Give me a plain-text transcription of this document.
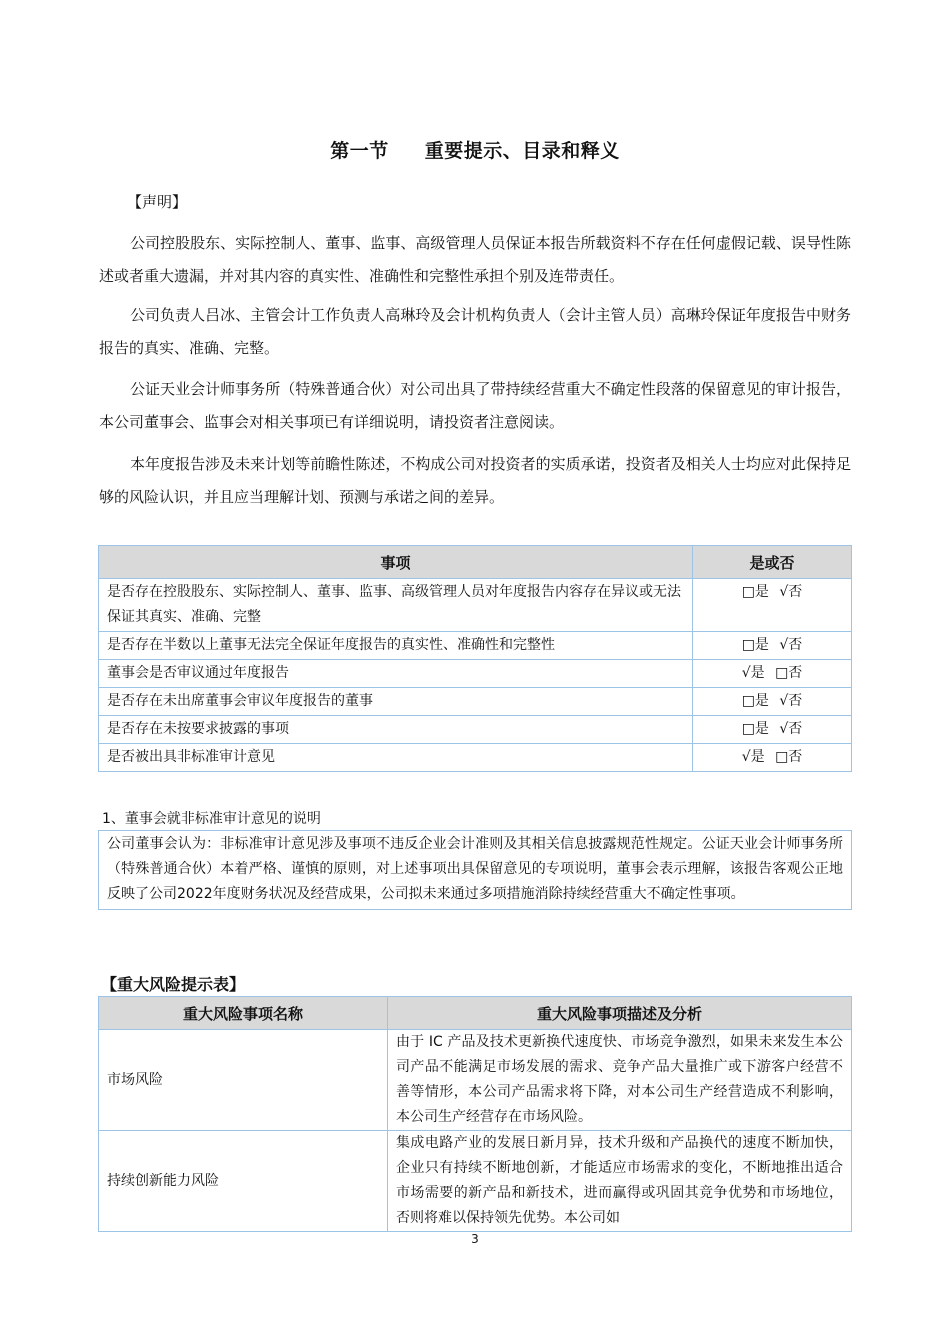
第一节 重要提示、目录和释义
【声明】
公司控股股东、实际控制人、董事、监事、高级管理人员保证本报告所载资料不存在任何虚假记载、误导性陈述或者重大遗漏，并对其内容的真实性、准确性和完整性承担个别及连带责任。
公司负责人吕冰、主管会计工作负责人高琳玲及会计机构负责人（会计主管人员）高琳玲保证年度报告中财务报告的真实、准确、完整。
公证天业会计师事务所（特殊普通合伙）对公司出具了带持续经营重大不确定性段落的保留意见的审计报告，本公司董事会、监事会对相关事项已有详细说明，请投资者注意阅读。
本年度报告涉及未来计划等前瞻性陈述，不构成公司对投资者的实质承诺，投资者及相关人士均应对此保持足够的风险认识，并且应当理解计划、预测与承诺之间的差异。
事项	是或否
是否存在控股股东、实际控制人、董事、监事、高级管理人员对年度报告内容存在异议或无法保证其真实、准确、完整	□是 √否
是否存在半数以上董事无法完全保证年度报告的真实性、准确性和完整性	□是 √否
董事会是否审议通过年度报告	√是 □否
是否存在未出席董事会审议年度报告的董事	□是 √否
是否存在未按要求披露的事项	□是 √否
是否被出具非标准审计意见	√是 □否
1、董事会就非标准审计意见的说明
公司董事会认为：非标准审计意见涉及事项不违反企业会计准则及其相关信息披露规范性规定。公证天业会计师事务所（特殊普通合伙）本着严格、谨慎的原则，对上述事项出具保留意见的专项说明，董事会表示理解，该报告客观公正地反映了公司2022年度财务状况及经营成果，公司拟未来通过多项措施消除持续经营重大不确定性事项。
【重大风险提示表】
重大风险事项名称	重大风险事项描述及分析
市场风险	由于 IC 产品及技术更新换代速度快、市场竞争激烈，如果未来发生本公司产品不能满足市场发展的需求、竞争产品大量推广或下游客户经营不善等情形，本公司产品需求将下降，对本公司生产经营造成不利影响，本公司生产经营存在市场风险。
持续创新能力风险	集成电路产业的发展日新月异，技术升级和产品换代的速度不断加快，企业只有持续不断地创新，才能适应市场需求的变化，不断地推出适合市场需要的新产品和新技术，进而赢得或巩固其竞争优势和市场地位，否则将难以保持领先优势。本公司如
3
